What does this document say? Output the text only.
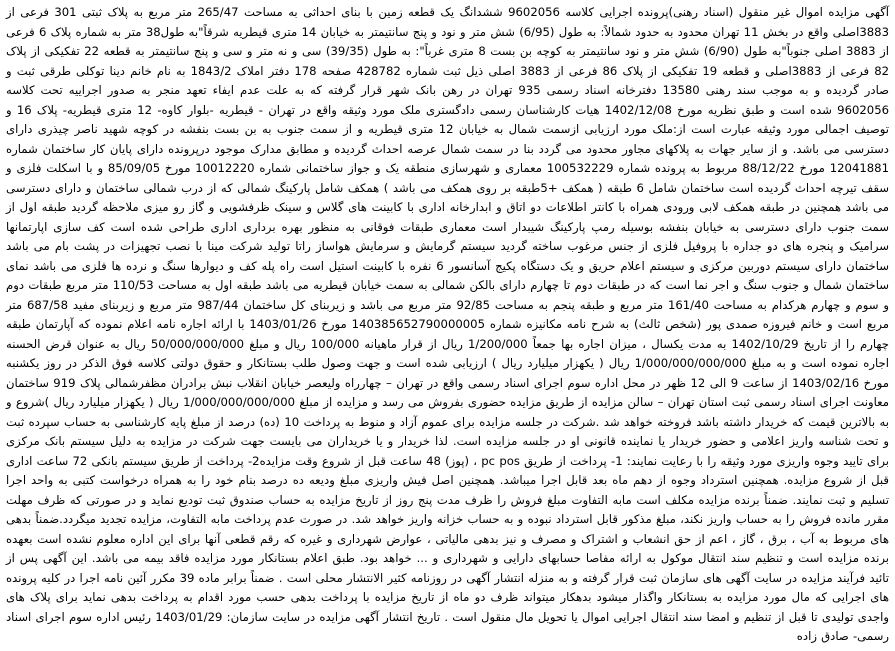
آگهی مزایده اموال غیر منقول (اسناد رهنی)پرونده اجرایی کلاسه 9602056 ششدانگ یک قطعه زمین با بنای احداثی به مساحت 265/47 متر مربع به پلاک ثبتی 301 فرعی از 3883اصلی واقع در بخش 11 تهران محدود به حدود شمالاً: به طول (6/95) شش متر و نود و پنج سانتیمتر به خیابان 14 متری قیطریه شرقاً"به طول38 متر به شماره پلاک 6 فرعی از 3883 اصلی جنوباً"به طول (6/90) شش متر و نود سانتیمتر به کوچه بن بست 8 متری غرباً": به طول (39/35) سی و نه متر و سی و پنج سانتیمتر به قطعه 22 تفکیکی از پلاک 82 فرعی از 3883اصلی و قطعه 19 تفکیکی از پلاک 86 فرعی از 3883 اصلی ذیل ثبت شماره 428782 صفحه 178 دفتر املاک 1843/2 به نام خانم دینا توکلی طرقی ثبت و صادر گردیده و به موجب سند رهنی 13580 دفترخانه اسناد رسمی 935 تهران در رهن بانک شهر قرار گرفته که به علت عدم ایفاء تعهد منجر به صدور اجراییه تحت کلاسه 9602056 شده است و طبق نظریه مورخ 1402/12/08 هیات کارشناسان رسمی دادگستری ملک مورد وثیقه واقع در تهران - قیطریه -بلوار کاوه- 12 متری قیطریه- پلاک 16 و توصیف اجمالی مورد وثیقه عبارت است از:ملک مورد ارزیابی ازسمت شمال به خیابان 12 متری قیطریه و از سمت جنوب به بن بست بنفشه در کوچه شهید ناصر چیذری دارای دسترسی می باشد. و از سایر جهات به پلاکهای مجاور محدود می گردد بنا در سمت شمال عرصه احداث گردیده و مطابق مدارک موجود درپرونده دارای پایان کار ساختمان شماره 12041881 مورخ 88/12/22 مربوط به پرونده شماره 100532229 معماری و شهرسازی منطقه یک و جواز ساختمانی شماره 10012220 مورخ 85/09/05 و با اسکلت فلزی و سقف تیرچه احداث گردیده است ساختمان شامل 6 طبقه ( همکف +5طبقه بر روی همکف می باشد ) همکف شامل پارکینگ شمالی که از درب شمالی ساختمان و دارای دسترسی می باشد همچنین در طبقه همکف لابی ورودی همراه با کانتر اطلاعات دو اتاق و ابدارخانه اداری با کابینت های گلاس و سینک ظرفشویی و گاز رو میزی ملاحظه گردید طبقه اول از سمت جنوب دارای دسترسی به خیابان بنفشه بوسیله رمپ پارکینگ شیبدار است معماری طبقات فوقانی به منظور بهره برداری اداری طراحی شده است کف سازی اپارتمانها سرامیک و پنجره های دو جداره با پروفیل فلزی از جنس مرغوب ساخته گردید سیستم گرمایش و سرمایش هواساز راتا تولید شرکت مینا با نصب تجهیزات در پشت بام می باشد ساختمان دارای سیستم دوربین مرکزی و سیستم اعلام حریق و یک دستگاه پکیج آسانسور 6 نفره با کابینت استیل است راه پله کف و دیوارها سنگ و نرده ها فلزی می باشد نمای ساختمان شمال و جنوب سنگ و اجر نما است که در طبقات دوم تا چهارم دارای بالکن شمالی به سمت خیابان قیطریه می باشد طبقه اول به مساحت 110/53 متر مربع طبقات دوم و سوم و چهارم هرکدام به مساحت 161/40 متر مربع و طبقه پنجم به مساحت 92/85 متر مربع می باشد و زیربنای کل ساختمان 987/44 متر مربع و زیربنای مفید 687/58 متر مربع است و خانم فیروزه صمدی پور (شخص ثالث) به شرح نامه مکانیزه شماره 140385652790000005 مورخ 1403/01/26 با ارائه اجاره نامه اعلام نموده که آپارتمان طبقه چهارم را از تاریخ 1402/10/29 به مدت یکسال ، میزان اجاره بها جمعاً 1/200/000 ریال از قرار ماهیانه 100/000 ریال و مبلغ 50/000/000/000 ریال به عنوان قرض الحسنه اجاره نموده است و به مبلغ 1/000/000/000/000 ریال ( یکهزار میلیارد ریال ) ارزیابی شده است و جهت وصول طلب بستانکار و حقوق دولتی کلاسه فوق الذکر در روز یکشنبه مورخ 1403/02/16 از ساعت 9 الی 12 ظهر در محل اداره سوم اجرای اسناد رسمی واقع در تهران – چهارراه ولیعصر خیابان انقلاب نبش برادران مظفرشمالی پلاک 919 ساختمان معاونت اجرای اسناد رسمی ثبت استان تهران – سالن مزایده از طریق مزایده حضوری بفروش می رسد و مزایده از مبلغ 1/000/000/000/000 ریال ( یکهزار میلیارد ریال )شروع و به بالاترین قیمت که خریدار داشته باشد فروخته خواهد شد .شرکت در جلسه مزایده برای عموم آزاد و منوط به پرداخت 10 (ده) درصد از مبلغ پایه کارشناسی به حساب سپرده ثبت و تحت شناسه واریز اعلامی و حضور خریدار یا نماینده قانونی او در جلسه مزایده است. لذا خریدار و یا خریداران می بایست جهت شرکت در مزایده به دلیل سیستم بانک مرکزی برای تایید وجوه واریزی مورد وثیقه را با رعایت نمایند: 1- پرداخت از طریق pc pos ، (پوز) 48 ساعت قبل از شروع وقت مزایده2- پرداخت از طریق سیستم بانکی 72 ساعت اداری قبل از شروع مزایده. همچنین استرداد وجوه از دهم ماه بعد قابل اجرا میباشد. همچنین اصل فیش واریزی مبلغ ودیعه ده درصد بنام خود را به همراه درخواست کتبی به واحد اجرا تسلیم و ثبت نمایند. ضمناً برنده مزایده مکلف است مابه التفاوت مبلغ فروش را ظرف مدت پنج روز از تاریخ مزایده به حساب صندوق ثبت تودیع نماید و در صورتی که ظرف مهلت مقرر مانده فروش را به حساب واریز نکند، مبلغ مذکور قابل استرداد نبوده و به حساب خزانه واریز خواهد شد. در صورت عدم پرداخت مابه التفاوت، مزایده تجدید میگردد.ضمناً بدهی های مربوط به آب ، برق ، گاز ، اعم از حق انشعاب و اشتراک و مصرف و نیز بدهی مالیاتی ، عوارض شهرداری و غیره که رقم قطعی آنها برای این اداره معلوم نشده است بعهده برنده مزایده است و تنظیم سند انتقال موکول به ارائه مفاصا حسابهای دارایی و شهرداری و ... خواهد بود. طبق اعلام بستانکار مورد مزایده فاقد بیمه می باشد. این آگهی پس از تائید فرآیند مزایده در سایت آگهی های سازمان ثبت قرار گرفته و به منزله انتشار آگهی در روزنامه کثیر الانتشار محلی است . ضمناً برابر ماده 39 مکرر آئین نامه اجرا در کلیه پرونده های اجرایی که مال مورد مزایده به بستانکار واگذار میشود بدهکار میتواند ظرف دو ماه از تاریخ مزایده با پرداخت بدهی حسب مورد اقدام به پرداخت بدهی نماید برای پلاک های واجدی تولیدی تا قبل از تنظیم و امضا سند انتقال اجرایی اموال یا تحویل مال منقول است . تاریخ انتشار آگهی مزایده در سایت سازمان: 1403/01/29 رئیس اداره سوم اجرای اسناد رسمی- صادق زاده
